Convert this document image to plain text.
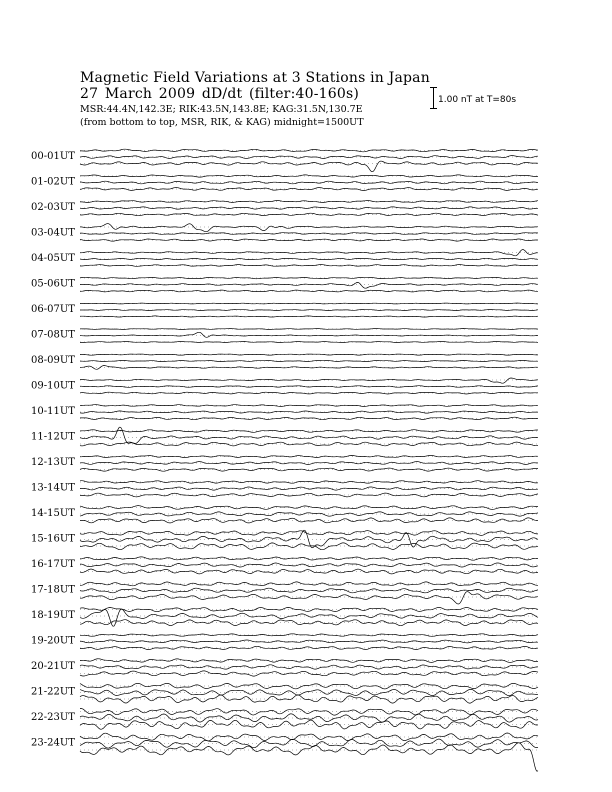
Magnetic Field Variations at 3 Stations in Japan
27 March 2009 dD/dt (filter:40-160s)
MSR:44.4N,142.3E; RIK:43.5N,143.8E; KAG:31.5N,130.7E
(from bottom to top, MSR, RIK, & KAG) midnight=1500UT
1.00 nT at T=80s
00-01UT
01-02UT
02-03UT
03-04UT
04-05UT
05-06UT
06-07UT
07-08UT
08-09UT
09-10UT
10-11UT
11-12UT
12-13UT
13-14UT
14-15UT
15-16UT
16-17UT
17-18UT
18-19UT
19-20UT
20-21UT
21-22UT
22-23UT
23-24UT
